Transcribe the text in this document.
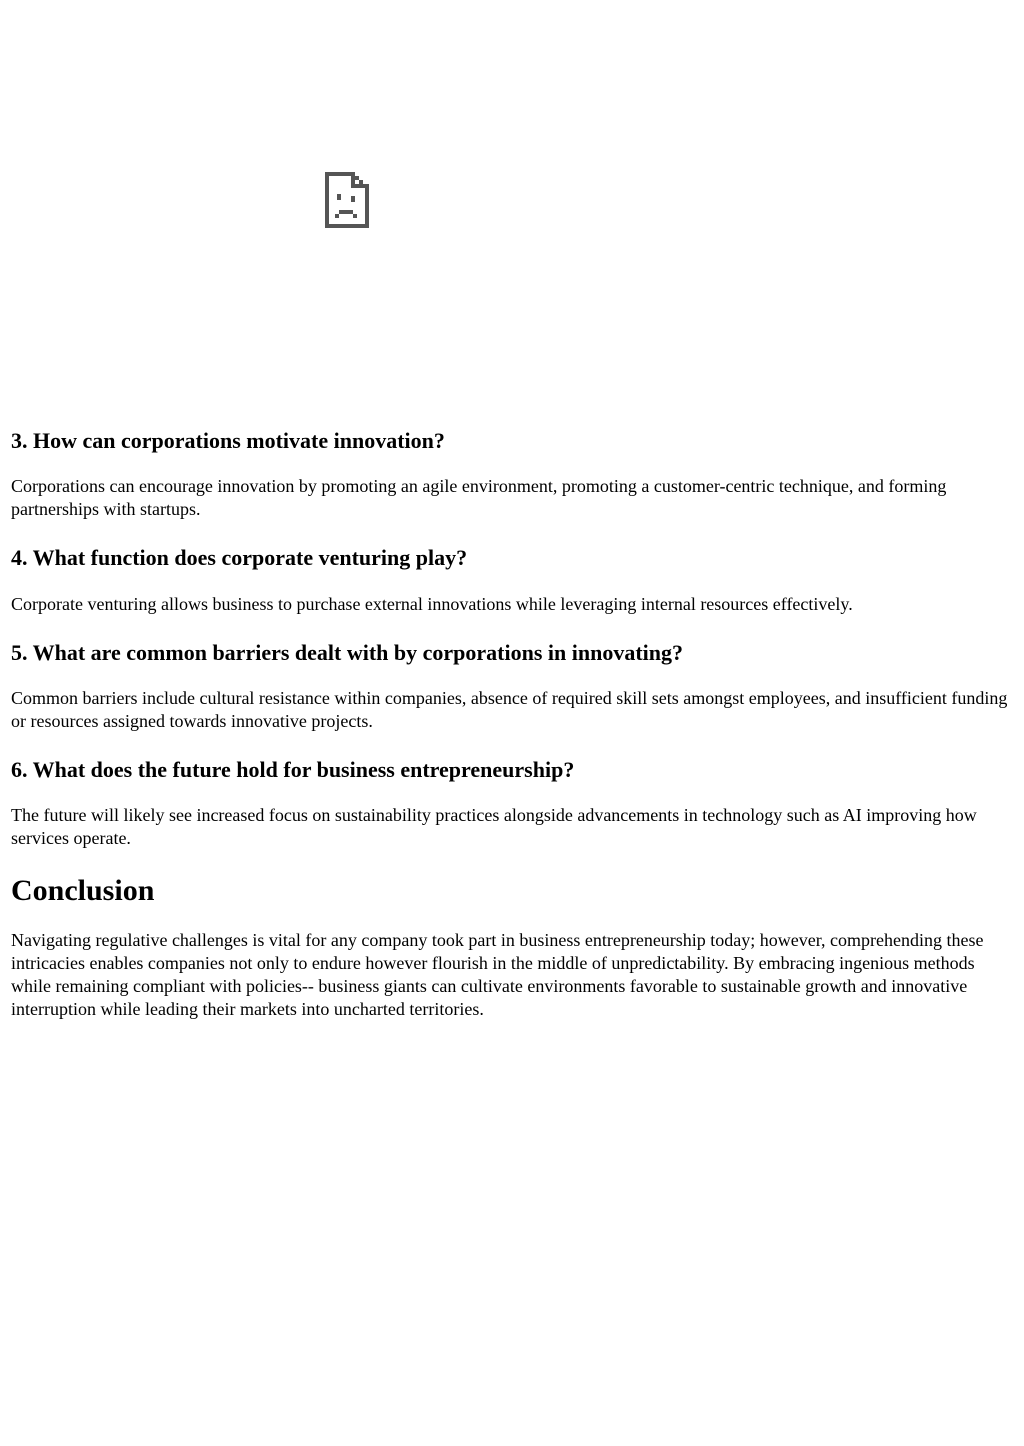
3. How can corporations motivate innovation?

Corporations can encourage innovation by promoting an agile environment, promoting a customer-centric technique, and forming partnerships with startups.

4. What function does corporate venturing play?

Corporate venturing allows business to purchase external innovations while leveraging internal resources effectively.

5. What are common barriers dealt with by corporations in innovating?

Common barriers include cultural resistance within companies, absence of required skill sets amongst employees, and insufficient funding or resources assigned towards innovative projects.

6. What does the future hold for business entrepreneurship?

The future will likely see increased focus on sustainability practices alongside advancements in technology such as AI improving how services operate.

Conclusion

Navigating regulative challenges is vital for any company took part in business entrepreneurship today; however, comprehending these intricacies enables companies not only to endure however flourish in the middle of unpredictability. By embracing ingenious methods while remaining compliant with policies-- business giants can cultivate environments favorable to sustainable growth and innovative interruption while leading their markets into uncharted territories.
